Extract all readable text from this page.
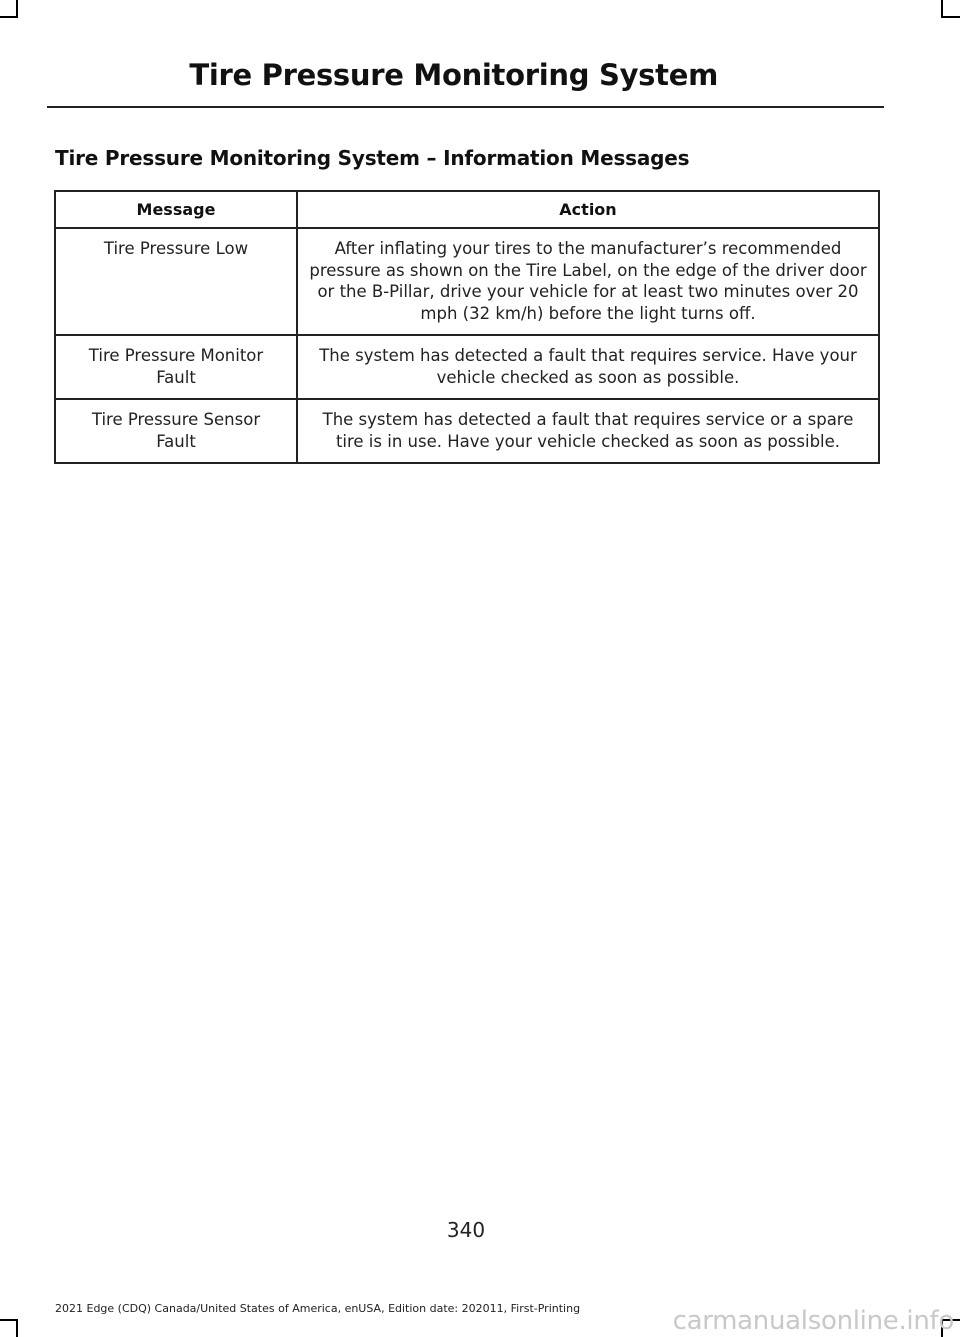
Tire Pressure Monitoring System
Tire Pressure Monitoring System – Information Messages
Message	Action
Tire Pressure Low	After inflating your tires to the manufacturer’s recommended pressure as shown on the Tire Label, on the edge of the driver door or the B-Pillar, drive your vehicle for at least two minutes over 20 mph (32 km/h) before the light turns off.
Tire Pressure Monitor Fault	The system has detected a fault that requires service. Have your vehicle checked as soon as possible.
Tire Pressure Sensor Fault	The system has detected a fault that requires service or a spare tire is in use. Have your vehicle checked as soon as possible.
340
2021 Edge (CDQ) Canada/United States of America, enUSA, Edition date: 202011, First-Printing	carmanualsonline.info
